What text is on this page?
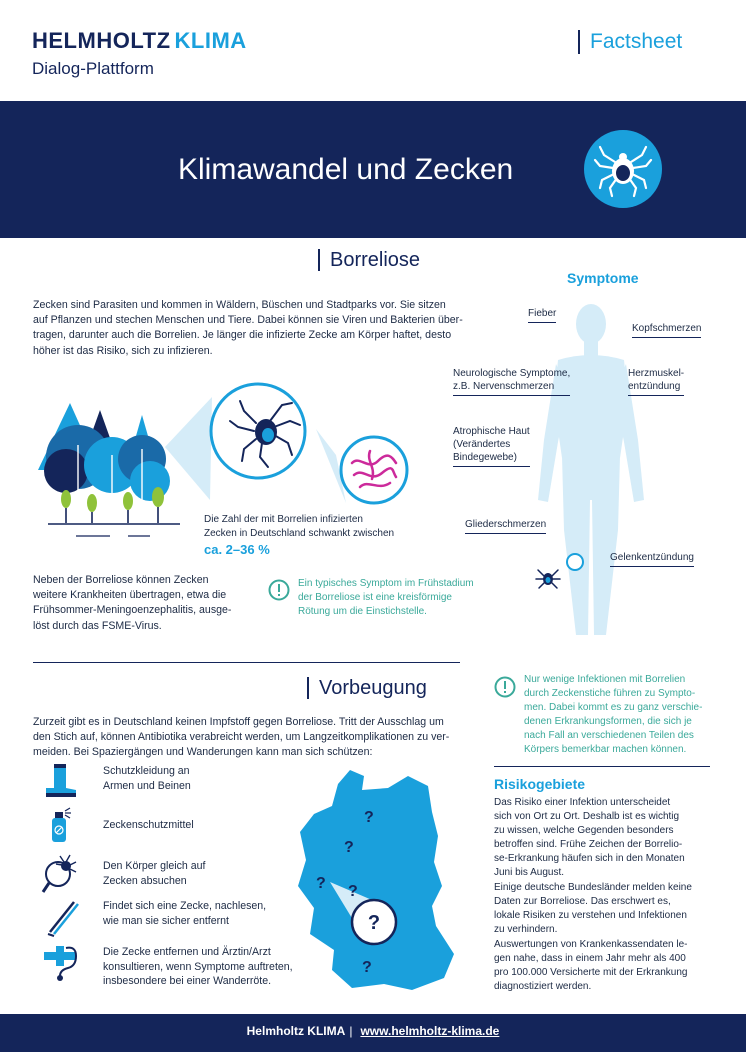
HELMHOLTZ KLIMA
Dialog-Plattform
Factsheet
Klimawandel und Zecken
Borreliose
Zecken sind Parasiten und kommen in Wäldern, Büschen und Stadtparks vor. Sie sitzen
auf Pflanzen und stechen Menschen und Tiere. Dabei können sie Viren und Bakterien über-
tragen, darunter auch die Borrelien. Je länger die infizierte Zecke am Körper haftet, desto
höher ist das Risiko, sich zu infizieren.
Die Zahl der mit Borrelien infizierten
Zecken in Deutschland schwankt zwischen
ca. 2–36 %
Neben der Borreliose können Zecken
weitere Krankheiten übertragen, etwa die
Frühsommer-Meningoenzephalitis, ausge-
löst durch das FSME-Virus.
Ein typisches Symptom im Frühstadium
der Borreliose ist eine kreisförmige
Rötung um die Einstichstelle.
Symptome
Fieber
Kopfschmerzen
Neurologische Symptome,
z.B. Nervenschmerzen
Herzmuskel-
entzündung
Atrophische Haut
(Verändertes
Bindegewebe)
Gliederschmerzen
Gelenkentzündung
Vorbeugung
Zurzeit gibt es in Deutschland keinen Impfstoff gegen Borreliose. Tritt der Ausschlag um
den Stich auf, können Antibiotika verabreicht werden, um Langzeitkomplikationen zu ver-
meiden. Bei Spaziergängen und Wanderungen kann man sich schützen:
Schutzkleidung an
Armen und Beinen
Zeckenschutzmittel
Den Körper gleich auf
Zecken absuchen
Findet sich eine Zecke, nachlesen,
wie man sie sicher entfernt
Die Zecke entfernen und Ärztin/Arzt
konsultieren, wenn Symptome auftreten,
insbesondere bei einer Wanderröte.
?
?
?
? ?
?
Nur wenige Infektionen mit Borrelien
durch Zeckenstiche führen zu Sympto-
men. Dabei kommt es zu ganz verschie-
denen Erkrankungsformen, die sich je
nach Fall an verschiedenen Teilen des
Körpers bemerkbar machen können.
Risikogebiete
Das Risiko einer Infektion unterscheidet
sich von Ort zu Ort. Deshalb ist es wichtig
zu wissen, welche Gegenden besonders
betroffen sind. Frühe Zeichen der Borrelio-
se-Erkrankung häufen sich in den Monaten
Juni bis August.
Einige deutsche Bundesländer melden keine
Daten zur Borreliose. Das erschwert es,
lokale Risiken zu verstehen und Infektionen
zu verhindern.
Auswertungen von Krankenkassendaten le-
gen nahe, dass in einem Jahr mehr als 400
pro 100.000 Versicherte mit der Erkrankung
diagnostiziert werden.
Helmholtz KLIMA | www.helmholtz-klima.de
